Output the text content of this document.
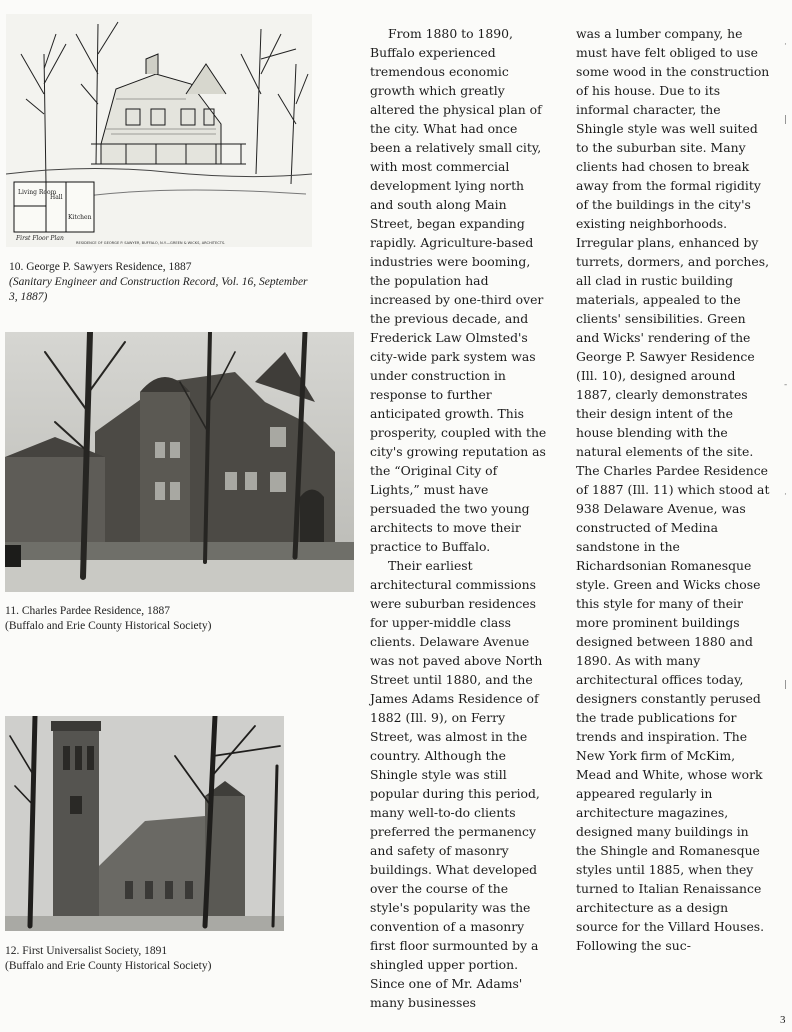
Living Room
Hall
Kitchen
First Floor Plan
RESIDENCE OF GEORGE P. SAWYER, BUFFALO, N.Y.—GREEN & WICKS, ARCHITECTS.
10. George P. Sawyers Residence, 1887
(Sanitary Engineer and Construction Record, Vol. 16, September 3, 1887)
11. Charles Pardee Residence, 1887
(Buffalo and Erie County Historical Society)
12. First Universalist Society, 1891
(Buffalo and Erie County Historical Society)

From 1880 to 1890, Buffalo experienced tremendous economic growth which greatly altered the physical plan of the city. What had once been a relatively small city, with most commercial development lying north and south along Main Street, began expanding rapidly. Agriculture-based industries were booming, the population had increased by one-third over the previous decade, and Frederick Law Olmsted's city-wide park system was under construction in response to further anticipated growth. This prosperity, coupled with the city's growing reputation as the “Original City of Lights,” must have persuaded the two young architects to move their practice to Buffalo.

Their earliest architectural commissions were suburban residences for upper-middle class clients. Delaware Avenue was not paved above North Street until 1880, and the James Adams Residence of 1882 (Ill. 9), on Ferry Street, was almost in the country. Although the Shingle style was still popular during this period, many well-to-do clients preferred the permanency and safety of masonry buildings. What developed over the course of the style's popularity was the convention of a masonry first floor surmounted by a shingled upper portion. Since one of Mr. Adams' many businesses

was a lumber company, he must have felt obliged to use some wood in the construction of his house. Due to its informal character, the Shingle style was well suited to the suburban site. Many clients had chosen to break away from the formal rigidity of the buildings in the city's existing neighborhoods. Irregular plans, enhanced by turrets, dormers, and porches, all clad in rustic building materials, appealed to the clients' sensibilities. Green and Wicks' rendering of the George P. Sawyer Residence (Ill. 10), designed around 1887, clearly demonstrates their design intent of the house blending with the natural elements of the site. The Charles Pardee Residence of 1887 (Ill. 11) which stood at 938 Delaware Avenue, was constructed of Medina sandstone in the Richardsonian Romanesque style. Green and Wicks chose this style for many of their more prominent buildings designed between 1880 and 1890. As with many architectural offices today, designers constantly perused the trade publications for trends and inspiration. The New York firm of McKim, Mead and White, whose work appeared regularly in architecture magazines, designed many buildings in the Shingle and Romanesque styles until 1885, when they turned to Italian Renaissance architecture as a design source for the Villard Houses. Following the suc-

·
|
-
·
|
3
